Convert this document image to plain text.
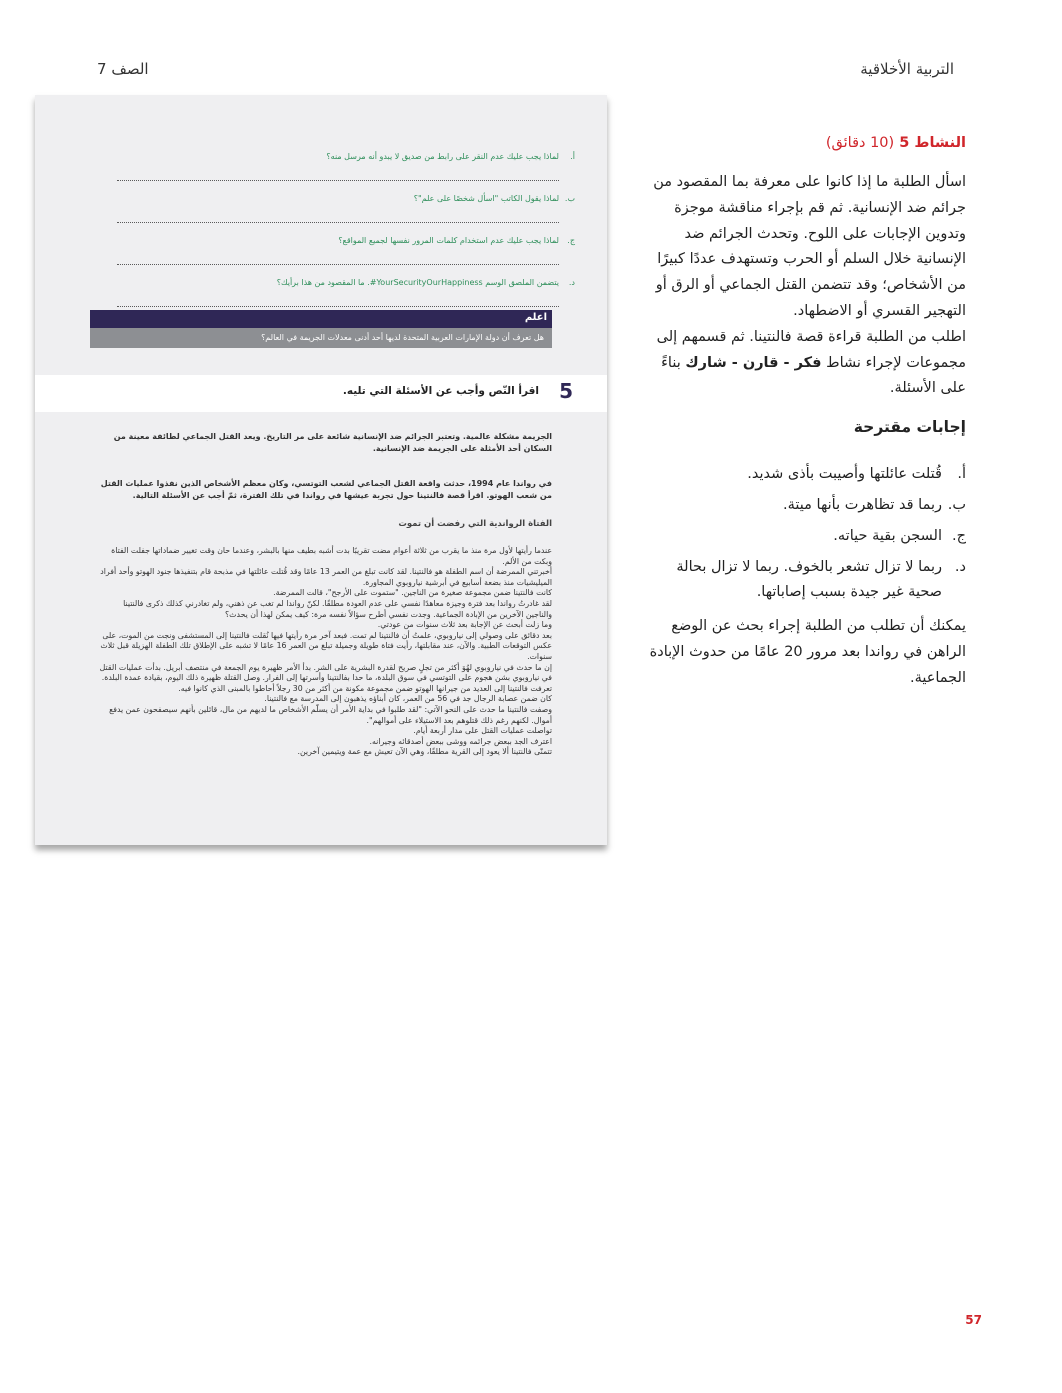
التربية الأخلاقية
الصف 7
أ.
لماذا يجب عليك عدم النقر على رابط من صديق لا يبدو أنه مرسل منه؟
ب.
لماذا يقول الكاتب "اسأل شخصًا على علم"؟
ج.
لماذا يجب عليك عدم استخدام كلمات المرور نفسها لجميع المواقع؟
د.
يتضمن الملصق الوسم YourSecurityOurHappiness#. ما المقصود من هذا برأيك؟
اعلم
هل تعرف أن دولة الإمارات العربية المتحدة لديها أحد أدنى معدلات الجريمة في العالم؟
5
اقرأ النّص وأجب عن الأسئلة التي تليه.
الجريمة مشكلة عالمية. وتعتبر الجرائم ضد الإنسانية شائعة على مر التاريخ. ويعد القتل الجماعي لطائفة معينة من السكان أحد الأمثلة على الجريمة ضد الإنسانية.
في رواندا عام 1994، حدثت واقعة القتل الجماعي لشعب التوتسي، وكان معظم الأشخاص الذين نفذوا عمليات القتل من شعب الهوتو. اقرأ قصة فالنتينا حول تجربة عيشها في رواندا في تلك الفترة، ثمّ أجب عن الأسئلة التالية.
الفتاة الرواندية التي رفضت أن تموت
عندما رأيتها لأول مرة منذ ما يقرب من ثلاثة أعوام مضت تقريبًا بدت أشبه بطيف منها بالبشر، وعندما حان وقت تغيير ضماداتها جفلت الفتاة وبكت من الألم.
أخبرتني الممرضة أن اسم الطفلة هو فالنتينا. لقد كانت تبلغ من العمر 13 عامًا وقد قُتلت عائلتها في مذبحة قام بتنفيذها جنود الهوتو وأحد أفراد الميليشيات منذ بضعة أسابيع في أبرشية نياروبوي المجاورة.
كانت فالنتينا ضمن مجموعة صغيرة من الناجين. "ستموت على الأرجح"، قالت الممرضة.
لقد غادرتُ رواندا بعد فترة وجيزة معاهدًا نفسي على عدم العودة مطلقًا. لكنّ رواندا لم تغب عن ذهني، ولم تغادرني كذلك ذكرى فالنتينا والناجين الآخرين من الإبادة الجماعية. وجدت نفسي أطرح سؤالاً نفسه مرة: كيف يمكن لهذا أن يحدث؟
وما زلت أبحث عن الإجابة بعد ثلاث سنوات من عودتي.
بعد دقائق على وصولي إلى نياروبوي، علمتُ أن فالنتينا لم تمت. فبعد آخر مرة رأيتها فيها نُقلت فالنتينا إلى المستشفى ونجت من الموت، على عكس التوقعات الطبية. والآن، عند مقابلتها، رأيت فتاة طويلة وجميلة تبلغ من العمر 16 عامًا لا تشبه على الإطلاق تلك الطفلة الهزيلة قبل ثلاث سنوات.
إن ما حدث في نياروبوي لهُوَ أكثر من تجلٍ صريح لقدرة البشرية على الشر. بدأ الأمر ظهيرة يوم الجمعة في منتصف أبريل. بدأت عمليات القتل في نياروبوي بشن هجوم على التوتسي في سوق البلدة، ما حدا بفالنتينا وأسرتها إلى الفرار. وصل القتلة ظهيرة ذلك اليوم، بقيادة عمدة البلدة. تعرفت فالنتينا إلى العديد من جيرانها الهوتو ضمن مجموعة مكونة من أكثر من 30 رجلاً أحاطوا بالمبنى الذي كانوا فيه.
كان ضمن عصابة الرجال جد في 56 من العمر، كان أبناؤه يذهبون إلى المدرسة مع فالنتينا.
وصفت فالنتينا ما حدث على النحو الآتي: "لقد طلبوا في بداية الأمر أن يسلّم الأشخاص ما لديهم من مال، قائلين بأنهم سيصفحون عمن يدفع أموال. لكنهم رغم ذلك قتلوهم بعد الاستيلاء على أموالهم".
تواصلت عمليات القتل على مدار أربعة أيام.
اعترف الجد ببعض جرائمه ووشى ببعض أصدقائه وجيرانه.
تتمنّى فالنتينا ألا يعود إلى القرية مطلقًا، وهي الآن تعيش مع عمة ويتيمين آخرين.
النشاط 5 (10 دقائق)

اسأل الطلبة ما إذا كانوا على معرفة بما المقصود من جرائم ضد الإنسانية. ثم قم بإجراء مناقشة موجزة وتدوين الإجابات على اللوح. وتحدث الجرائم ضد الإنسانية خلال السلم أو الحرب وتستهدف عددًا كبيرًا من الأشخاص؛ وقد تتضمن القتل الجماعي أو الرق أو التهجير القسري أو الاضطهاد.

اطلب من الطلبة قراءة قصة فالنتينا. ثم قسمهم إلى مجموعات لإجراء نشاط فكر - قارن - شارك بناءً على الأسئلة.

إجابات مقترحة
أ.
قُتلت عائلتها وأصيبت بأذى شديد.
ب.
ربما قد تظاهرت بأنها ميتة.
ج.
السجن بقية حياته.
د.
ربما لا تزال تشعر بالخوف. ربما لا تزال بحالة صحية غير جيدة بسبب إصاباتها.
يمكنك أن تطلب من الطلبة إجراء بحث عن الوضع الراهن في رواندا بعد مرور 20 عامًا من حدوث الإبادة الجماعية.
57
